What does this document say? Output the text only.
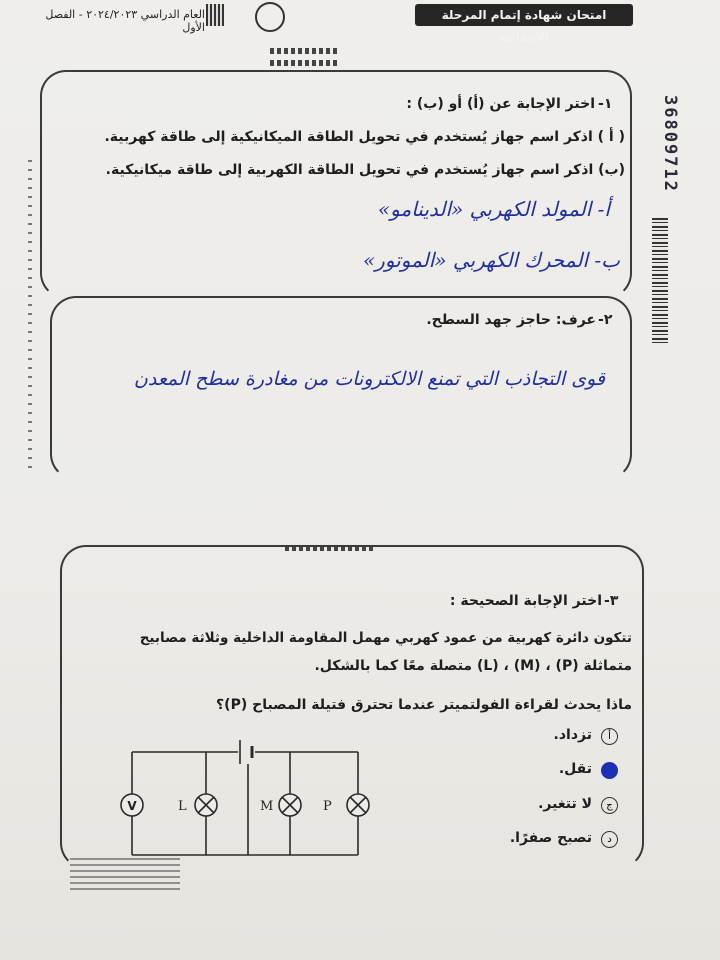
امتحان شهادة إتمام المرحلة الابتدائية
العام الدراسي ٢٠٢٤/٢٠٢٣ - الفصل الأول
36809712
-١
اختر الإجابة عن (أ) أو (ب) :
( أ ) اذكر اسم جهاز يُستخدم في تحويل الطاقة الميكانيكية إلى طاقة كهربية.
(ب) اذكر اسم جهاز يُستخدم في تحويل الطاقة الكهربية إلى طاقة ميكانيكية.
أ- المولد الكهربي «الدينامو»
ب- المحرك الكهربي «الموتور»
-٢
عرف: حاجز جهد السطح.
قوى التجاذب التي تمنع الالكترونات من مغادرة سطح المعدن
-٣
اختر الإجابة الصحيحة :
تتكون دائرة كهربية من عمود كهربي مهمل المقاومة الداخلية وثلاثة مصابيح
متماثلة (P) ، (M) ، (L) متصلة معًا كما بالشكل.
ماذا يحدث لقراءة الفولتميتر عندما تحترق فتيلة المصباح (P)؟
أ
تزداد.
تقل.
ج
لا تتغير.
د
تصبح صفرًا.
V	L	M	P
